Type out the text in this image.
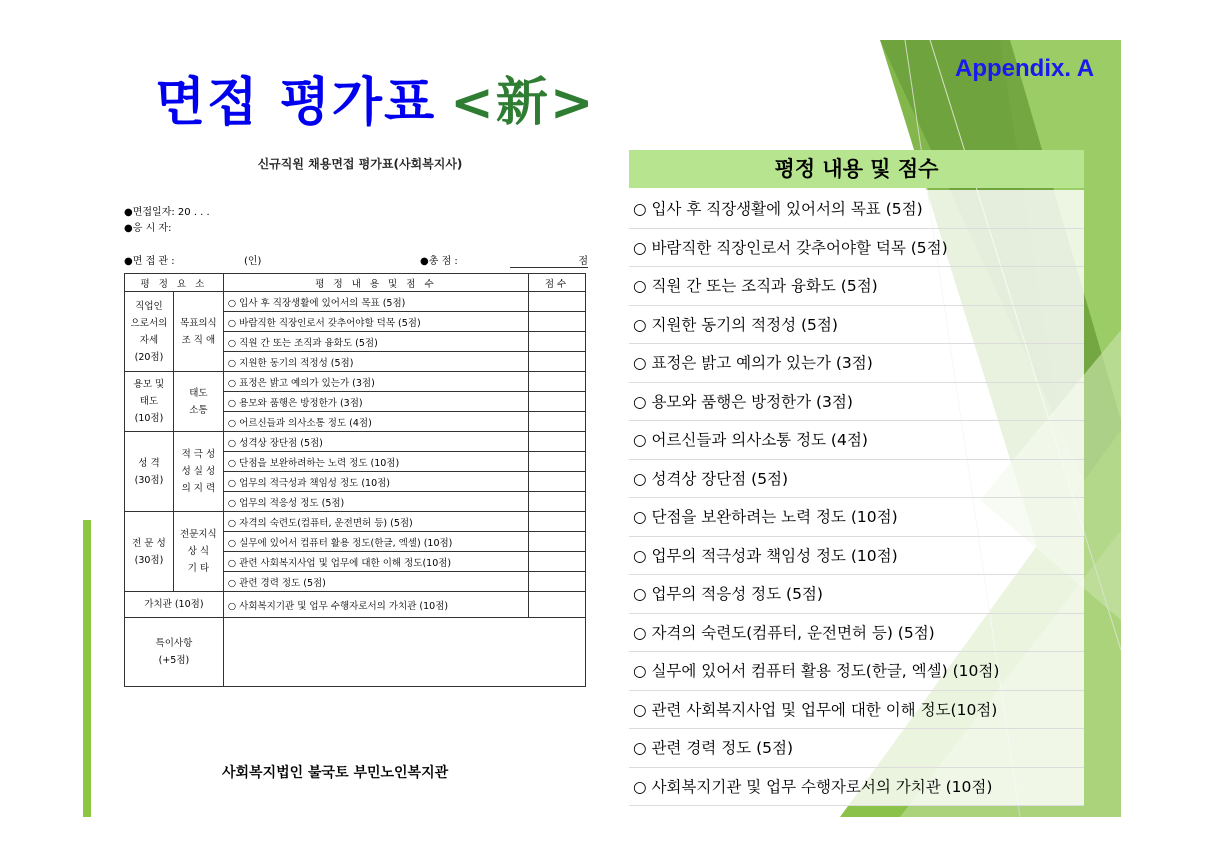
면접 평가표 <新>
Appendix. A
신규직원 채용면접 평가표(사회복지사)
●면접일자: 20 . . .
●응 시 자:
●면 접 관 :	(인)	●총 점 :	점
평 정 요 소		평 정 내 용 및 점 수	점수
직업인
으로서의
자세
(20점)	목표의식
조 직 애	○ 입사 후 직장생활에 있어서의 목표 (5점)	
		○ 바람직한 직장인로서 갖추어야할 덕목 (5점)	
		○ 직원 간 또는 조직과 융화도 (5점)	
		○ 지원한 동기의 적정성 (5점)	
용모 및
태도
(10점)	태도
소통	○ 표정은 밝고 예의가 있는가 (3점)	
		○ 용모와 품행은 방정한가 (3점)	
		○ 어르신들과 의사소통 정도 (4점)	
성 격
(30점)	적 극 성
성 실 성
의 지 력	○ 성격상 장단점 (5점)	
		○ 단점을 보완하려하는 노력 정도 (10점)	
		○ 업무의 적극성과 책임성 정도 (10점)	
		○ 업무의 적응성 정도 (5점)	
전 문 성
(30점)	전문지식
상 식
기 타	○ 자격의 숙련도(컴퓨터, 운전면허 등) (5점)	
		○ 실무에 있어서 컴퓨터 활용 정도(한글, 엑셀) (10점)	
		○ 관련 사회복지사업 및 업무에 대한 이해 정도(10점)	
		○ 관련 경력 정도 (5점)	
가치관 (10점)		○ 사회복지기관 및 업무 수행자로서의 가치관 (10점)	
특이사항
(+5점)			
사회복지법인 불국토 부민노인복지관
평정 내용 및 점수
○ 입사 후 직장생활에 있어서의 목표 (5점)
○ 바람직한 직장인로서 갖추어야할 덕목 (5점)
○ 직원 간 또는 조직과 융화도 (5점)
○ 지원한 동기의 적정성 (5점)
○ 표정은 밝고 예의가 있는가 (3점)
○ 용모와 품행은 방정한가 (3점)
○ 어르신들과 의사소통 정도 (4점)
○ 성격상 장단점 (5점)
○ 단점을 보완하려는 노력 정도 (10점)
○ 업무의 적극성과 책임성 정도 (10점)
○ 업무의 적응성 정도 (5점)
○ 자격의 숙련도(컴퓨터, 운전면허 등) (5점)
○ 실무에 있어서 컴퓨터 활용 정도(한글, 엑셀) (10점)
○ 관련 사회복지사업 및 업무에 대한 이해 정도(10점)
○ 관련 경력 정도 (5점)
○ 사회복지기관 및 업무 수행자로서의 가치관 (10점)
